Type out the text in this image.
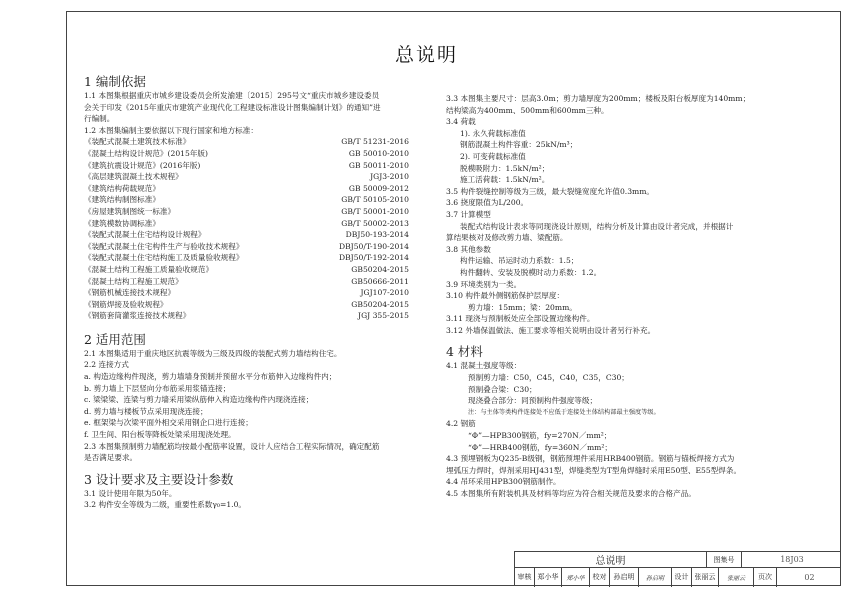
总说明
1 编制依据
1.1 本图集根据重庆市城乡建设委员会所发渝建〔2015〕295号文“重庆市城乡建设委员
会关于印发《2015年重庆市建筑产业现代化工程建设标准设计图集编制计划》的通知”进
行编制。
1.2 本图集编制主要依据以下现行国家和地方标准：
《装配式混凝土建筑技术标准》	GB/T 51231-2016
《混凝土结构设计规范》(2015年版)	GB 50010-2010
《建筑抗震设计规范》(2016年版)	GB 50011-2010
《高层建筑混凝土技术规程》	JGJ3-2010
《建筑结构荷载规范》	GB 50009-2012
《建筑结构制图标准》	GB/T 50105-2010
《房屋建筑制图统一标准》	GB/T 50001-2010
《建筑模数协调标准》	GB/T 50002-2013
《装配式混凝土住宅结构设计规程》	DBJ50-193-2014
《装配式混凝土住宅构件生产与验收技术规程》	DBJ50/T-190-2014
《装配式混凝土住宅结构施工及质量验收规程》	DBJ50/T-192-2014
《混凝土结构工程施工质量验收规范》	GB50204-2015
《混凝土结构工程施工规范》	GB50666-2011
《钢筋机械连接技术规程》	JGJ107-2010
《钢筋焊接及验收规程》	GB50204-2015
《钢筋套筒灌浆连接技术规程》	JGJ 355-2015
2 适用范围
2.1 本图集适用于重庆地区抗震等级为三级及四级的装配式剪力墙结构住宅。
2.2 连接方式
a. 构造边缘构件现浇，剪力墙墙身预制并预留水平分布筋伸入边缘构件内；
b. 剪力墙上下层竖向分布筋采用浆锚连接；
c. 梁梁梁、连梁与剪力墙采用梁纵筋伸入构造边缘构件内现浇连接；
d. 剪力墙与楼板节点采用现浇连接；
e. 框架梁与次梁平面外相交采用钢企口进行连接；
f. 卫生间、阳台板等降板处梁采用现浇处理。
2.3 本图集预制剪力墙配筋均按最小配筋率设置，设计人应结合工程实际情况，确定配筋
是否满足要求。
3 设计要求及主要设计参数
3.1 设计使用年限为50年。
3.2 构件安全等级为二级，重要性系数γ₀=1.0。
3.3 本图集主要尺寸：层高3.0m；剪力墙厚度为200mm；楼板及阳台板厚度为140mm；
结构梁高为400mm、500mm和600mm三种。
3.4 荷载
1). 永久荷载标准值
钢筋混凝土构件容重：25kN/m³；
2). 可变荷载标准值
脱模吸附力：1.5kN/m²；
施工活荷载：1.5kN/m²。
3.5 构件裂缝控制等级为三级，最大裂缝宽度允许值0.3mm。
3.6 挠度限值为L/200。
3.7 计算模型
装配式结构设计表求等同现浇设计原则，结构分析及计算由设计者完成，并根据计
算结果核对及修改剪力墙、梁配筋。
3.8 其他参数
构件运输、吊运时动力系数：1.5；
构件翻转、安装及脱模时动力系数：1.2。
3.9 环境类别为一类。
3.10 构件最外侧钢筋保护层厚度：
剪力墙：15mm；梁：20mm。
3.11 现浇与预制板处应全部设置边缘构件。
3.12 外墙保温做法、施工要求等相关说明由设计者另行补充。
4 材料
4.1 混凝土强度等级：
预制剪力墙：C50，C45，C40，C35，C30；
预制叠合梁：C30；
现浇叠合部分：同预制构件强度等级；
注：与主体等类构件连接处不应低于连接处主体结构部最主强度等级。
4.2 钢筋
“Φ”—HPB300钢筋，fy=270N／mm²；
“Φ”—HRB400钢筋，fy=360N／mm²；
4.3 预埋钢板为Q235-B级钢，钢筋预埋件采用HRB400钢筋。钢筋与锚板焊接方式为
埋弧压力焊时，焊剂采用HJ431型，焊缝类型为T型角焊缝时采用E50型、E55型焊条。
4.4 吊环采用HPB300钢筋制作。
4.5 本图集所有附装机具及材料等均应为符合相关规范及要求的合格产品。
总说明	图集号	18J03
审核 郑小华	郑小华	校对	孙启明	孙启明	设计 张丽云	张丽云	页次	02
